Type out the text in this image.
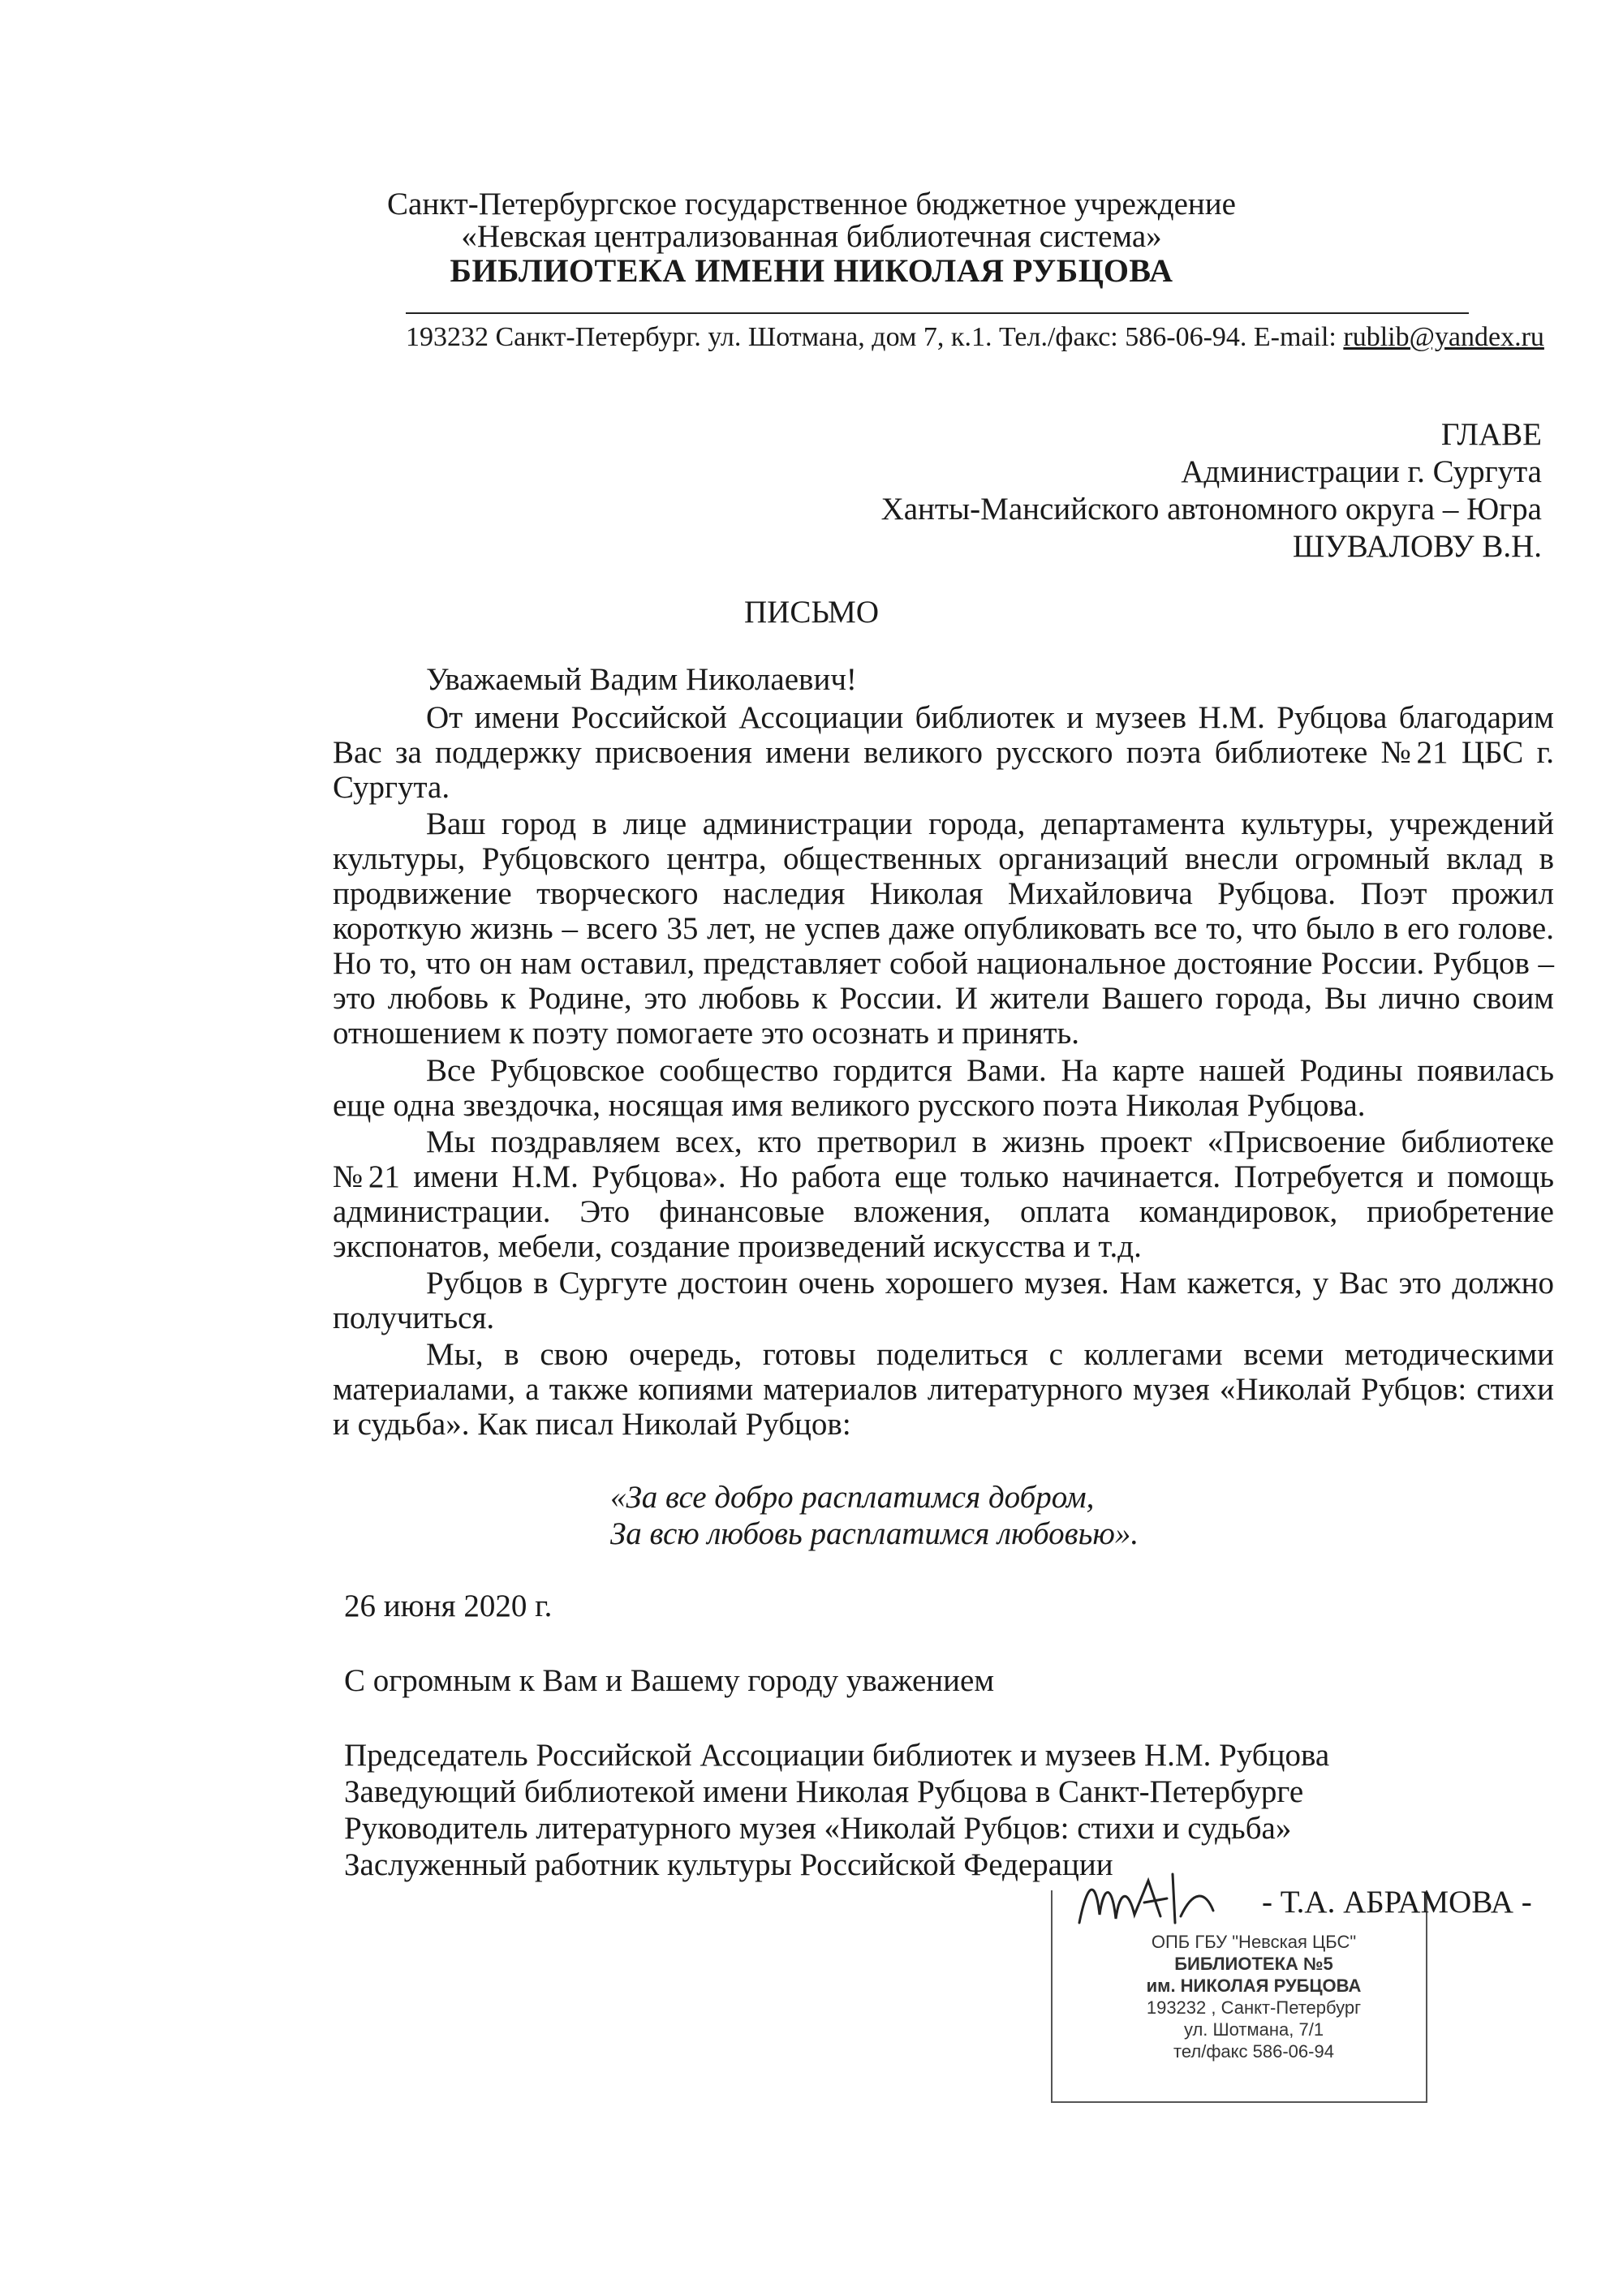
Санкт-Петербургское государственное бюджетное учреждение
«Невская централизованная библиотечная система»
БИБЛИОТЕКА ИМЕНИ НИКОЛАЯ РУБЦОВА
193232 Санкт-Петербург. ул. Шотмана, дом 7, к.1. Тел./факс: 586-06-94. E-mail: rublib@yandex.ru
ГЛАВЕ
Администрации г. Сургута
Ханты-Мансийского автономного округа – Югра
ШУВАЛОВУ В.Н.
ПИСЬМО
Уважаемый Вадим Николаевич!

От имени Российской Ассоциации библиотек и музеев Н.М. Рубцова благодарим Вас за поддержку присвоения имени великого русского поэта библиотеке №21 ЦБС г. Сургута.

Ваш город в лице администрации города, департамента культуры, учреждений культуры, Рубцовского центра, общественных организаций внесли огромный вклад в продвижение творческого наследия Николая Михайловича Рубцова. Поэт прожил короткую жизнь – всего 35 лет, не успев даже опубликовать все то, что было в его голове. Но то, что он нам оставил, представляет собой национальное достояние России. Рубцов – это любовь к Родине, это любовь к России. И жители Вашего города, Вы лично своим отношением к поэту помогаете это осознать и принять.

Все Рубцовское сообщество гордится Вами. На карте нашей Родины появилась еще одна звездочка, носящая имя великого русского поэта Николая Рубцова.

Мы поздравляем всех, кто претворил в жизнь проект «Присвоение библиотеке №21 имени Н.М. Рубцова». Но работа еще только начинается. Потребуется и помощь администрации. Это финансовые вложения, оплата командировок, приобретение экспонатов, мебели, создание произведений искусства и т.д.

Рубцов в Сургуте достоин очень хорошего музея. Нам кажется, у Вас это должно получиться.

Мы, в свою очередь, готовы поделиться с коллегами всеми методическими материалами, а также копиями материалов литературного музея «Николай Рубцов: стихи и судьба». Как писал Николай Рубцов:

«За все добро расплатимся добром,
За всю любовь расплатимся любовью».
26 июня 2020 г.
С огромным к Вам и Вашему городу уважением
Председатель Российской Ассоциации библиотек и музеев Н.М. Рубцова
Заведующий библиотекой имени Николая Рубцова в Санкт-Петербурге
Руководитель литературного музея «Николай Рубцов: стихи и судьба»
Заслуженный работник культуры Российской Федерации
ОПБ ГБУ "Невская ЦБС"
БИБЛИОТЕКА №5
им. НИКОЛАЯ РУБЦОВА
193232 , Санкт-Петербург
ул. Шотмана, 7/1
тел/факс 586-06-94
- Т.А. АБРАМОВА -
